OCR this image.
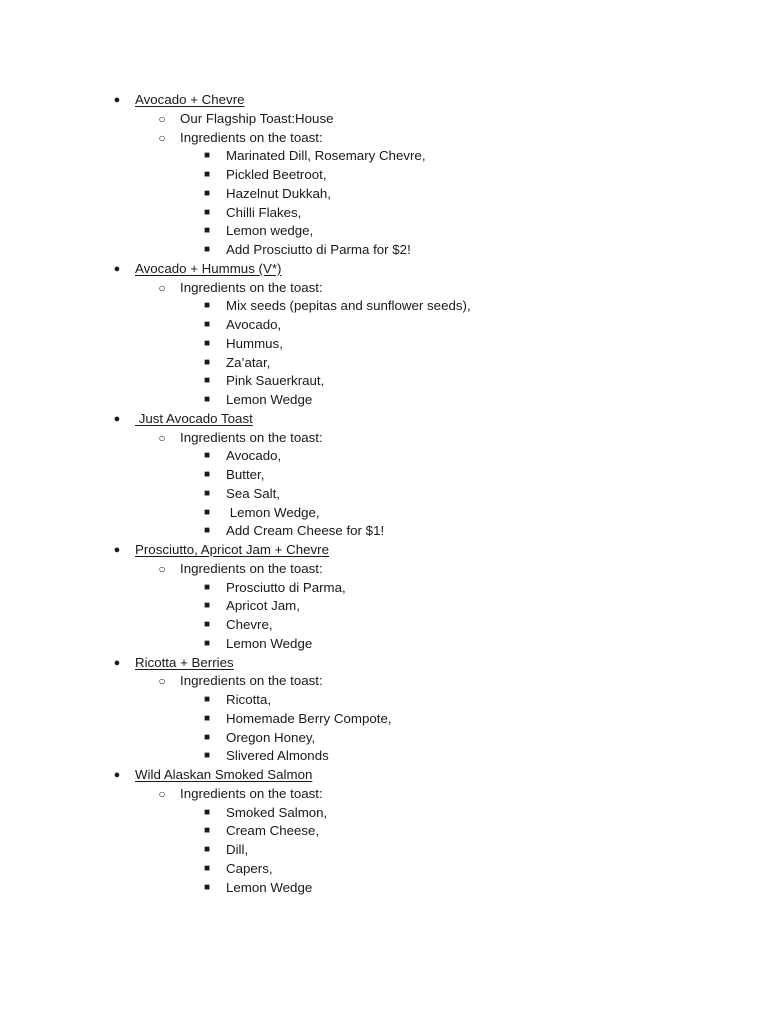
● Avocado + Chevre
○ Our Flagship Toast:House
○ Ingredients on the toast:
■ Marinated Dill, Rosemary Chevre,
■ Pickled Beetroot,
■ Hazelnut Dukkah,
■ Chilli Flakes,
■ Lemon wedge,
■ Add Prosciutto di Parma for $2!
● Avocado + Hummus (V*)
○ Ingredients on the toast:
■ Mix seeds (pepitas and sunflower seeds),
■ Avocado,
■ Hummus,
■ Za’atar,
■ Pink Sauerkraut,
■ Lemon Wedge
● Just Avocado Toast
○ Ingredients on the toast:
■ Avocado,
■ Butter,
■ Sea Salt,
■ Lemon Wedge,
■ Add Cream Cheese for $1!
● Prosciutto, Apricot Jam + Chevre
○ Ingredients on the toast:
■ Prosciutto di Parma,
■ Apricot Jam,
■ Chevre,
■ Lemon Wedge
● Ricotta + Berries
○ Ingredients on the toast:
■ Ricotta,
■ Homemade Berry Compote,
■ Oregon Honey,
■ Slivered Almonds
● Wild Alaskan Smoked Salmon
○ Ingredients on the toast:
■ Smoked Salmon,
■ Cream Cheese,
■ Dill,
■ Capers,
■ Lemon Wedge
